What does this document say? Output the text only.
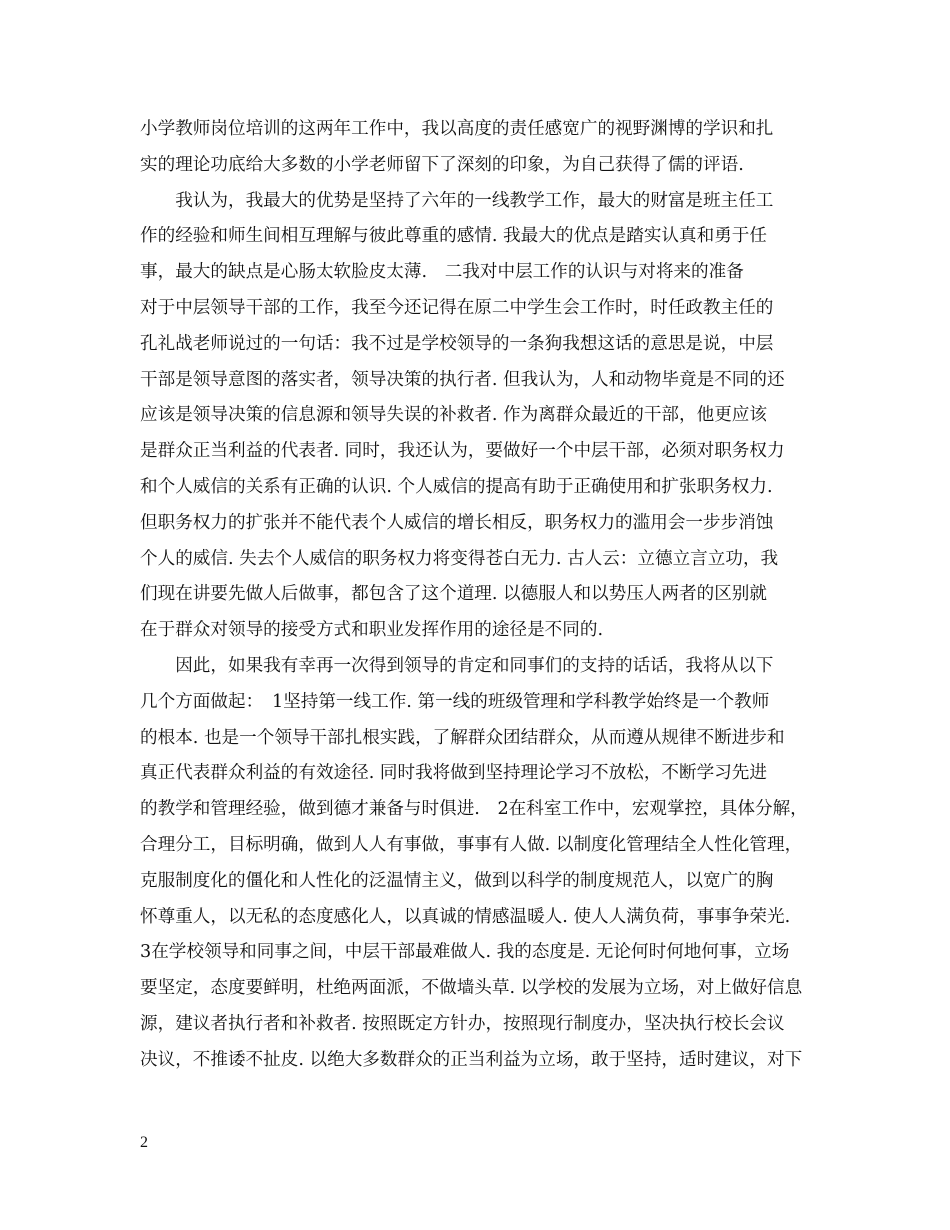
小学教师岗位培训的这两年工作中，我以高度的责任感宽广的视野渊博的学识和扎
实的理论功底给大多数的小学老师留下了深刻的印象，为自己获得了儒的评语.
　　我认为，我最大的优势是坚持了六年的一线教学工作，最大的财富是班主任工
作的经验和师生间相互理解与彼此尊重的感情. 我最大的优点是踏实认真和勇于任
事，最大的缺点是心肠太软脸皮太薄.　二我对中层工作的认识与对将来的准备
对于中层领导干部的工作，我至今还记得在原二中学生会工作时，时任政教主任的
孔礼战老师说过的一句话：我不过是学校领导的一条狗我想这话的意思是说，中层
干部是领导意图的落实者，领导决策的执行者. 但我认为，人和动物毕竟是不同的还
应该是领导决策的信息源和领导失误的补救者. 作为离群众最近的干部，他更应该
是群众正当利益的代表者. 同时，我还认为，要做好一个中层干部，必须对职务权力
和个人威信的关系有正确的认识. 个人威信的提高有助于正确使用和扩张职务权力.
但职务权力的扩张并不能代表个人威信的增长相反，职务权力的滥用会一步步消蚀
个人的威信. 失去个人威信的职务权力将变得苍白无力. 古人云：立德立言立功，我
们现在讲要先做人后做事，都包含了这个道理. 以德服人和以势压人两者的区别就
在于群众对领导的接受方式和职业发挥作用的途径是不同的.
　　因此，如果我有幸再一次得到领导的肯定和同事们的支持的话话，我将从以下
几个方面做起：　1坚持第一线工作. 第一线的班级管理和学科教学始终是一个教师
的根本. 也是一个领导干部扎根实践，了解群众团结群众，从而遵从规律不断进步和
真正代表群众利益的有效途径. 同时我将做到坚持理论学习不放松，不断学习先进
的教学和管理经验，做到德才兼备与时俱进.　2在科室工作中，宏观掌控，具体分解，
合理分工，目标明确，做到人人有事做，事事有人做. 以制度化管理结全人性化管理，
克服制度化的僵化和人性化的泛温情主义，做到以科学的制度规范人，以宽广的胸
怀尊重人，以无私的态度感化人，以真诚的情感温暖人. 使人人满负荷，事事争荣光.
3在学校领导和同事之间，中层干部最难做人. 我的态度是. 无论何时何地何事，立场
要坚定，态度要鲜明，杜绝两面派，不做墙头草. 以学校的发展为立场，对上做好信息
源，建议者执行者和补救者. 按照既定方针办，按照现行制度办，坚决执行校长会议
决议，不推诿不扯皮. 以绝大多数群众的正当利益为立场，敢于坚持，适时建议，对下
2
